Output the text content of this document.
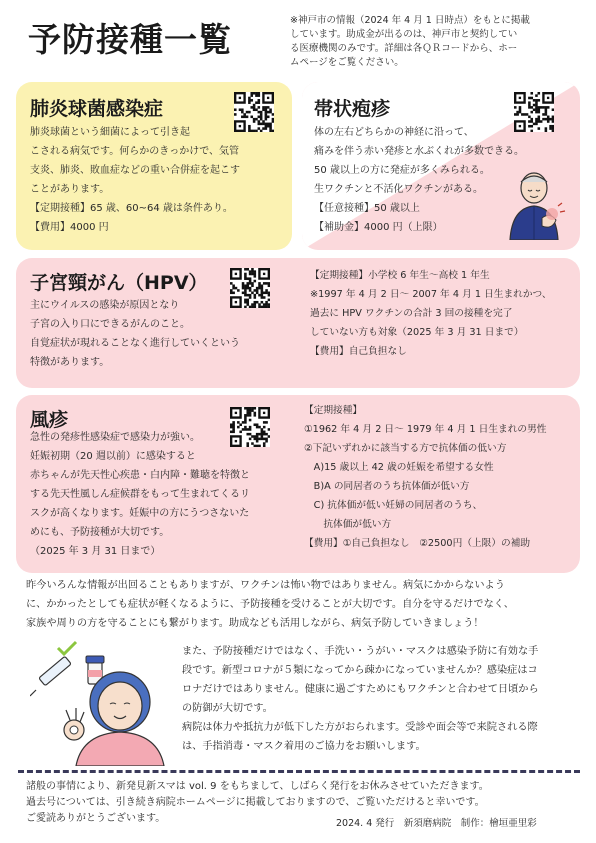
予防接種一覧	※神戸市の情報（2024 年 4 月 1 日時点）をもとに掲載
しています。助成金が出るのは、神戸市と契約してい
る医療機関のみです。詳細は各ＱＲコードから、ホー
ムページをご覧ください。
肺炎球菌感染症
肺炎球菌という細菌によって引き起
こされる病気です。何らかのきっかけで、気管
支炎、肺炎、敗血症などの重い合併症を起こす
ことがあります。
【定期接種】65 歳、60~64 歳は条件あり。
【費用】4000 円
帯状疱疹
体の左右どちらかの神経に沿って、
痛みを伴う赤い発疹と水ぶくれが多数できる。
50 歳以上の方に発症が多くみられる。
生ワクチンと不活化ワクチンがある。
【任意接種】50 歳以上
【補助金】4000 円（上限）
子宮頸がん（HPV）
主にウイルスの感染が原因となり
子宮の入り口にできるがんのこと。
自覚症状が現れることなく進行していくという
特徴があります。
【定期接種】小学校 6 年生～高校 1 年生
※1997 年 4 月 2 日～ 2007 年 4 月 1 日生まれかつ、
過去に HPV ワクチンの合計 3 回の接種を完了
していない方も対象（2025 年 3 月 31 日まで）
【費用】自己負担なし
風疹
急性の発疹性感染症で感染力が強い。
妊娠初期（20 週以前）に感染すると
赤ちゃんが先天性心疾患・白内障・難聴を特徴と
する先天性風しん症候群をもって生まれてくるリ
スクが高くなります。妊娠中の方にうつさないた
めにも、予防接種が大切です。
（2025 年 3 月 31 日まで）
【定期接種】
①1962 年 4 月 2 日～ 1979 年 4 月 1 日生まれの男性
②下記いずれかに該当する方で抗体価の低い方
　A)15 歳以上 42 歳の妊娠を希望する女性
　B)A の同居者のうち抗体価が低い方
　C) 抗体価が低い妊婦の同居者のうち、
　　抗体価が低い方
【費用】①自己負担なし　②2500円（上限）の補助
昨今いろんな情報が出回ることもありますが、ワクチンは怖い物ではありません。病気にかからないよう
に、かかったとしても症状が軽くなるように、予防接種を受けることが大切です。自分を守るだけでなく、
家族や周りの方を守ることにも繋がります。助成なども活用しながら、病気予防していきましょう！
また、予防接種だけではなく、手洗い・うがい・マスクは感染予防に有効な手
段です。新型コロナが５類になってから疎かになっていませんか？感染症はコ
ロナだけではありません。健康に過ごすためにもワクチンと合わせて日頃から
の防御が大切です。
病院は体力や抵抗力が低下した方がおられます。受診や面会等で来院される際
は、手指消毒・マスク着用のご協力をお願いします。
諸般の事情により、新発見新スマは vol. 9 をもちまして、しばらく発行をお休みさせていただきます。
過去号については、引き続き病院ホームページに掲載しておりますので、ご覧いただけると幸いです。
ご愛読ありがとうございます。	2024. 4 発行　新須磨病院　制作：檜垣亜里彩
